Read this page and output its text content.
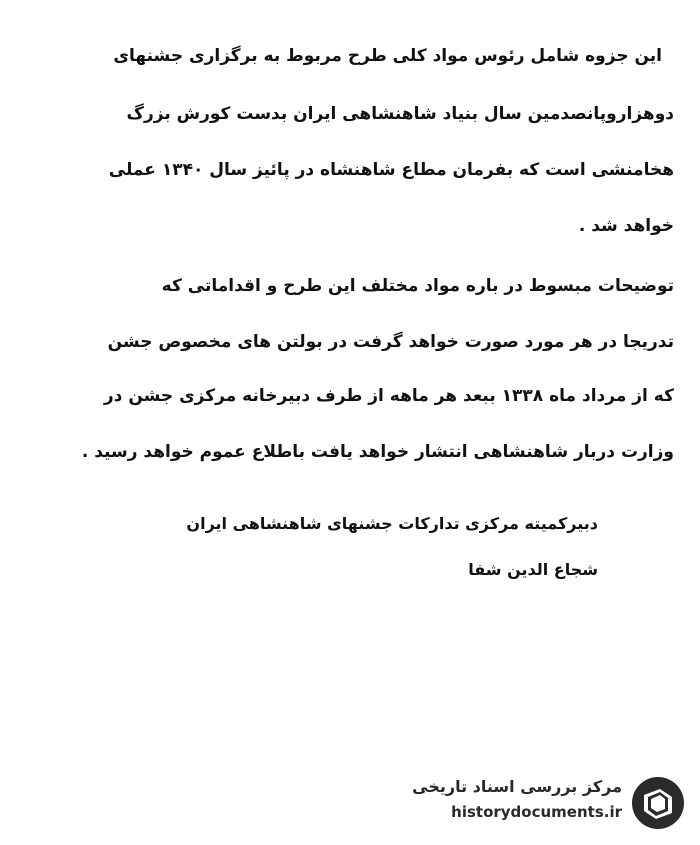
این جزوه شامل رئوس مواد کلی طرح مربوط به برگزاری جشنهای
دوهزاروپانصدمین سال بنیاد شاهنشاهی ایران بدست کورش بزرگ
هخامنشی است که بفرمان مطاع شاهنشاه در پائیز سال ۱۳۴۰ عملی
خواهد شد .
توضیحات مبسوط در باره مواد مختلف این طرح و اقداماتی که
تدریجا در هر مورد صورت خواهد گرفت در بولتن های مخصوص جشن
که از مرداد ماه ۱۳۳۸ ببعد هر ماهه از طرف دبیرخانه مرکزی جشن در
وزارت دربار شاهنشاهی انتشار خواهد یافت باطلاع عموم خواهد رسید .
دبیرکمیته مرکزی تدارکات جشنهای شاهنشاهی ایران
شجاع الدین شفا
مرکز بررسی اسناد تاریخی
historydocuments.ir
